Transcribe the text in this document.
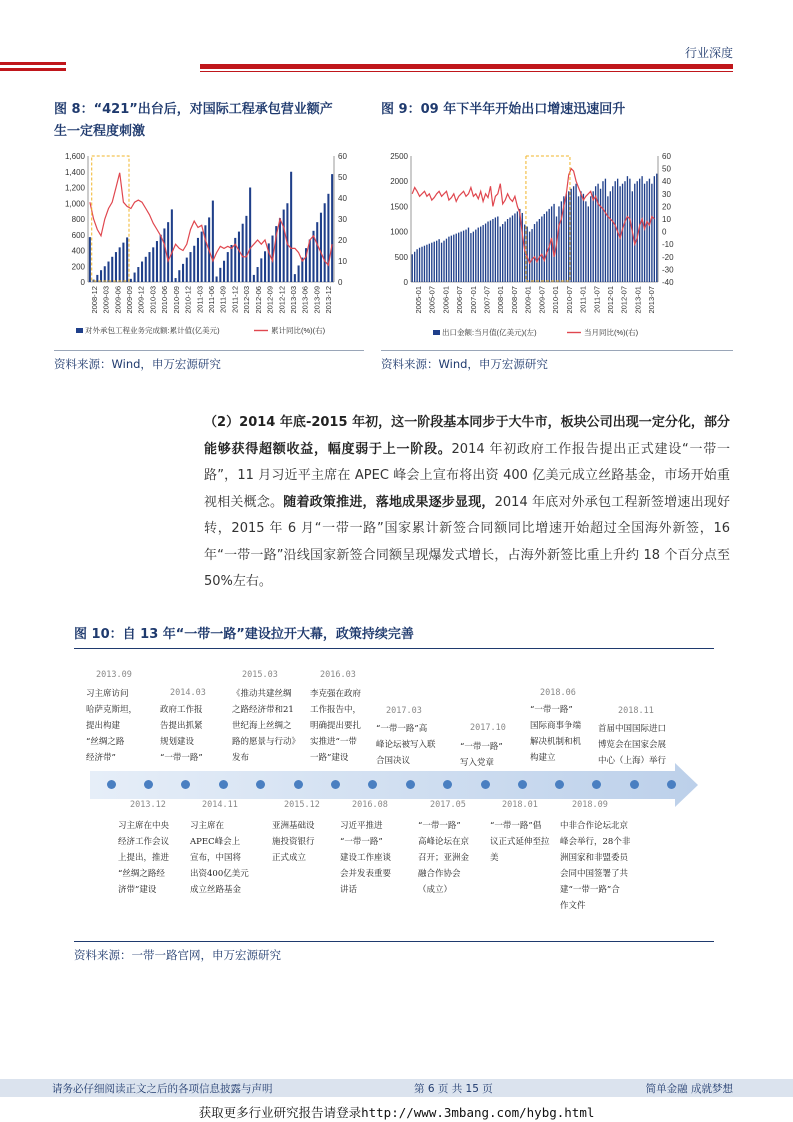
行业深度
图 8：“421”出台后，对国际工程承包营业额产
生一定程度刺激
1,600
1,400
1,200
1,000
800
600
400
200
0
60
50
40
30
20
10
0
2008-12 2009-03 2009-06 2009-09 2009-12 2010-03 2010-06 2010-09 2010-12 2011-03 2011-06 2011-09 2011-12 2012-03 2012-06 2012-09 2012-12 2013-03 2013-06 2013-09 2013-12
对外承包工程业务完成额:累计值(亿美元)	累计同比(%)(右)
资料来源：Wind，申万宏源研究
图 9：09 年下半年开始出口增速迅速回升
2500
2000
1500
1000
500
0
60
50
40
30
20
10
0
-10
-20
-30
-40
2005-01 2005-07 2006-01 2006-07 2007-01 2007-07 2008-01 2008-07 2009-01 2009-07 2010-01 2010-07 2011-01 2011-07 2012-01 2012-07 2013-01 2013-07
出口金额:当月值(亿美元)(左)	当月同比(%)(右)
资料来源：Wind，申万宏源研究
（2）2014 年底-2015 年初，这一阶段基本同步于大牛市，板块公司出现一定分化，部分能够获得超额收益，幅度弱于上一阶段。2014 年初政府工作报告提出正式建设“一带一路”，11 月习近平主席在 APEC 峰会上宣布将出资 400 亿美元成立丝路基金，市场开始重视相关概念。随着政策推进，落地成果逐步显现，2014 年底对外承包工程新签增速出现好转，2015 年 6 月“一带一路”国家累计新签合同额同比增速开始超过全国海外新签，16 年“一带一路”沿线国家新签合同额呈现爆发式增长，占海外新签比重上升约 18 个百分点至 50%左右。
图 10：自 13 年“一带一路”建设拉开大幕，政策持续完善
2013.09
习主席访问
哈萨克斯坦，
提出构建
“丝绸之路
经济带”
2014.03
政府工作报
告提出抓紧
规划建设
“一带一路”
2015.03
《推动共建丝绸
之路经济带和21
世纪海上丝绸之
路的愿景与行动》
发布
2016.03
李克强在政府
工作报告中，
明确提出要扎
实推进“一带
一路”建设
2017.03
“一带一路”高
峰论坛被写入联
合国决议
2017.10
“一带一路”
写入党章
2018.06
“一带一路”
国际商事争端
解决机制和机
构建立
2018.11
首届中国国际进口
博览会在国家会展
中心（上海）举行
2013.12
习主席在中央
经济工作会议
上提出，推进
“丝绸之路经
济带”建设
2014.11
习主席在
APEC峰会上
宣布，中国将
出资400亿美元
成立丝路基金
2015.12
亚洲基础设
施投资银行
正式成立
2016.08
习近平推进
“一带一路”
建设工作座谈
会并发表重要
讲话
2017.05
“一带一路”
高峰论坛在京
召开；亚洲金
融合作协会
（成立）
2018.01
“一带一路”倡
议正式延伸至拉
美
2018.09
中非合作论坛北京
峰会举行，28个非
洲国家和非盟委员
会同中国签署了共
建“一带一路”合
作文件
资料来源：一带一路官网，申万宏源研究
请务必仔细阅读正文之后的各项信息披露与声明	第 6 页 共 15 页	简单金融 成就梦想
获取更多行业研究报告请登录http://www.3mbang.com/hybg.html
